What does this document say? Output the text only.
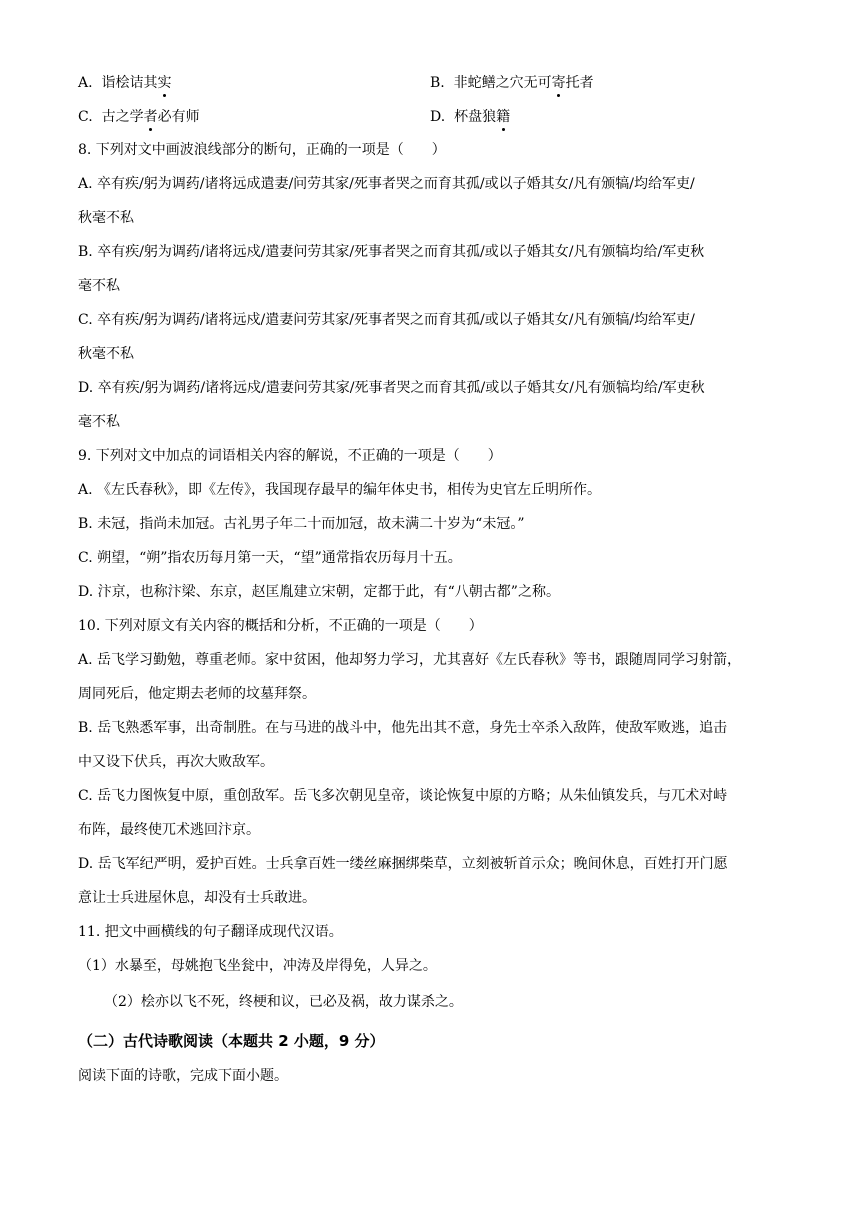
A. 诣桧诘其实	B. 非蛇鳝之穴无可寄托者
C. 古之学者必有师	D. 杯盘狼籍
8. 下列对文中画波浪线部分的断句，正确的一项是（　　）
A. 卒有疾/躬为调药/诸将远成遣妻/问劳其家/死事者哭之而育其孤/或以子婚其女/凡有颁犒/均给军吏/
秋毫不私
B. 卒有疾/躬为调药/诸将远戍/遣妻问劳其家/死事者哭之而育其孤/或以子婚其女/凡有颁犒均给/军吏秋
毫不私
C. 卒有疾/躬为调药/诸将远戍/遣妻问劳其家/死事者哭之而育其孤/或以子婚其女/凡有颁犒/均给军吏/
秋毫不私
D. 卒有疾/躬为调药/诸将远戍/遣妻问劳其家/死事者哭之而育其孤/或以子婚其女/凡有颁犒均给/军吏秋
毫不私
9. 下列对文中加点的词语相关内容的解说，不正确的一项是（　　）
A. 《左氏春秋》，即《左传》，我国现存最早的编年体史书，相传为史官左丘明所作。
B. 未冠，指尚未加冠。古礼男子年二十而加冠，故未满二十岁为“未冠。”
C. 朔望，“朔”指农历每月第一天，“望”通常指农历每月十五。
D. 汴京，也称汴梁、东京，赵匡胤建立宋朝，定都于此，有“八朝古都”之称。
10. 下列对原文有关内容的概括和分析，不正确的一项是（　　）
A. 岳飞学习勤勉，尊重老师。家中贫困，他却努力学习，尤其喜好《左氏春秋》等书，跟随周同学习射箭，
周同死后，他定期去老师的坟墓拜祭。
B. 岳飞熟悉军事，出奇制胜。在与马进的战斗中，他先出其不意，身先士卒杀入敌阵，使敌军败逃，追击
中又设下伏兵，再次大败敌军。
C. 岳飞力图恢复中原，重创敌军。岳飞多次朝见皇帝，谈论恢复中原的方略；从朱仙镇发兵，与兀术对峙
布阵，最终使兀术逃回汴京。
D. 岳飞军纪严明，爱护百姓。士兵拿百姓一缕丝麻捆绑柴草，立刻被斩首示众；晚间休息，百姓打开门愿
意让士兵进屋休息，却没有士兵敢进。
11. 把文中画横线的句子翻译成现代汉语。
（1）水暴至，母姚抱飞坐瓮中，冲涛及岸得免，人异之。
（2）桧亦以飞不死，终梗和议，已必及祸，故力谋杀之。
（二）古代诗歌阅读（本题共 2 小题，9 分）
阅读下面的诗歌，完成下面小题。
